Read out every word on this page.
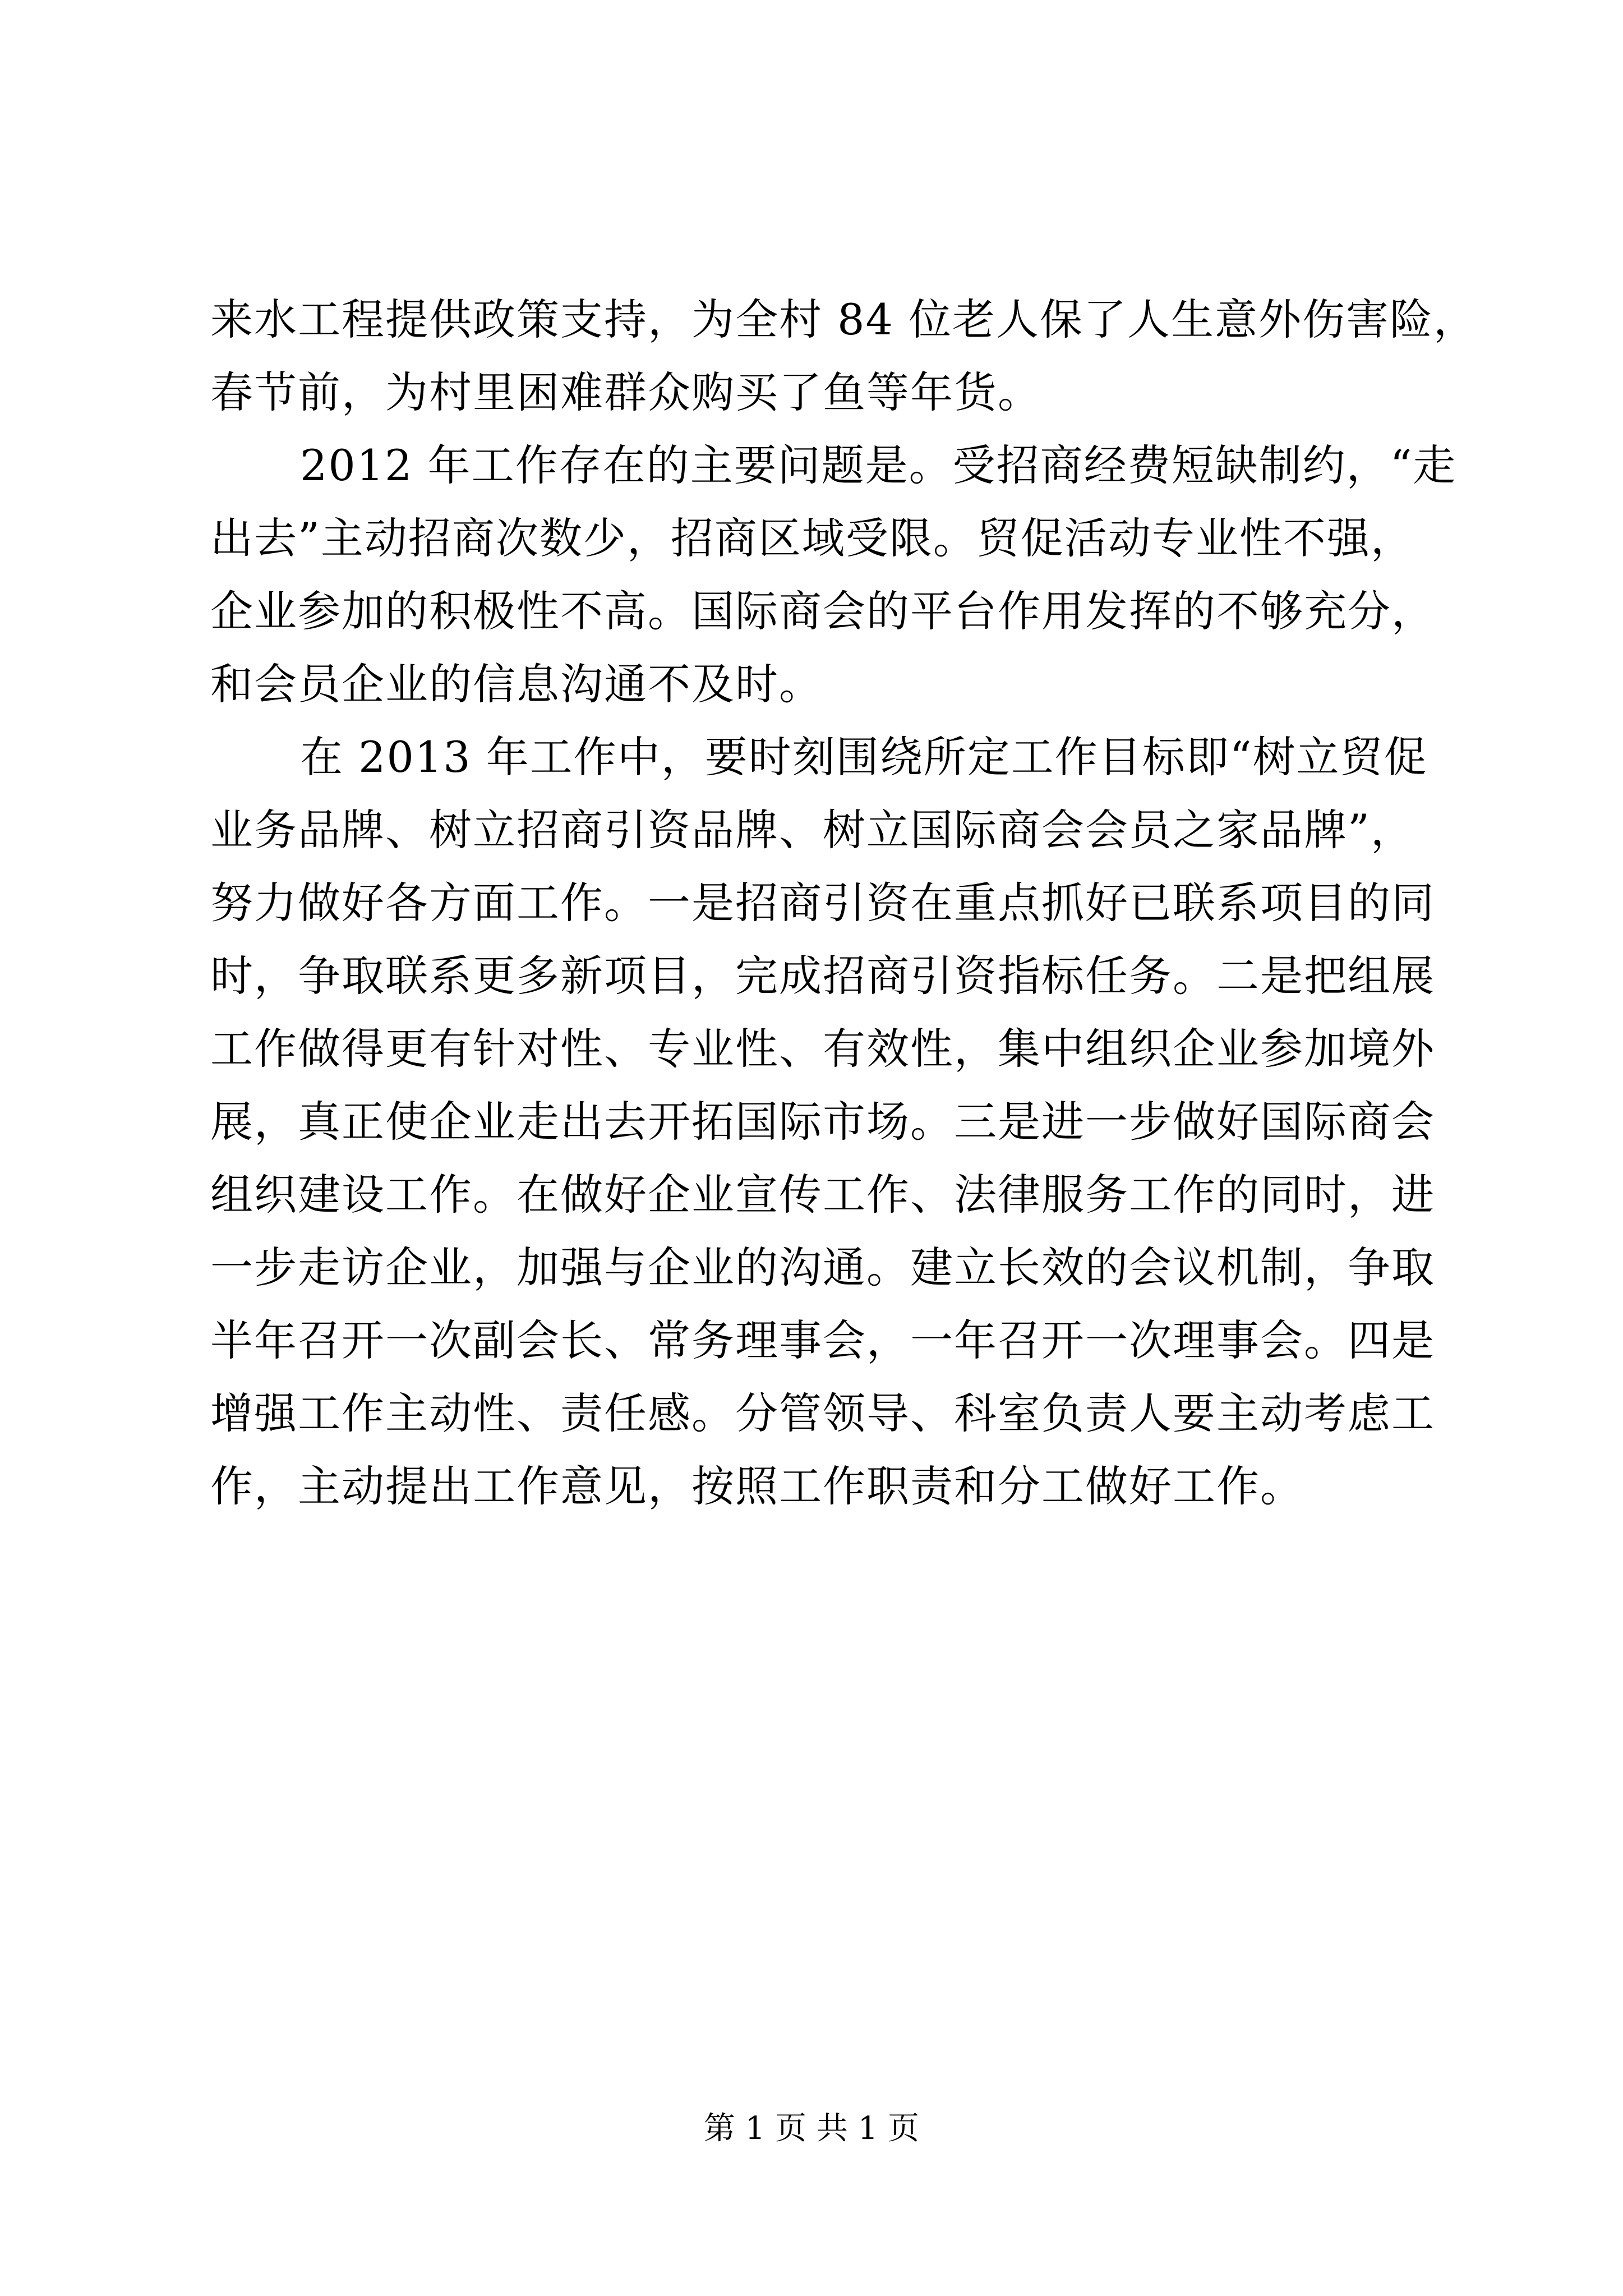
来水工程提供政策支持，为全村 84 位老人保了人生意外伤害险，
春节前，为村里困难群众购买了鱼等年货。
2012 年工作存在的主要问题是。受招商经费短缺制约，“走
出去”主动招商次数少，招商区域受限。贸促活动专业性不强，
企业参加的积极性不高。国际商会的平台作用发挥的不够充分，
和会员企业的信息沟通不及时。
在 2013 年工作中，要时刻围绕所定工作目标即“树立贸促
业务品牌、树立招商引资品牌、树立国际商会会员之家品牌”，
努力做好各方面工作。一是招商引资在重点抓好已联系项目的同
时，争取联系更多新项目，完成招商引资指标任务。二是把组展
工作做得更有针对性、专业性、有效性，集中组织企业参加境外
展，真正使企业走出去开拓国际市场。三是进一步做好国际商会
组织建设工作。在做好企业宣传工作、法律服务工作的同时，进
一步走访企业，加强与企业的沟通。建立长效的会议机制，争取
半年召开一次副会长、常务理事会，一年召开一次理事会。四是
增强工作主动性、责任感。分管领导、科室负责人要主动考虑工
作，主动提出工作意见，按照工作职责和分工做好工作。
第 1 页 共 1 页
